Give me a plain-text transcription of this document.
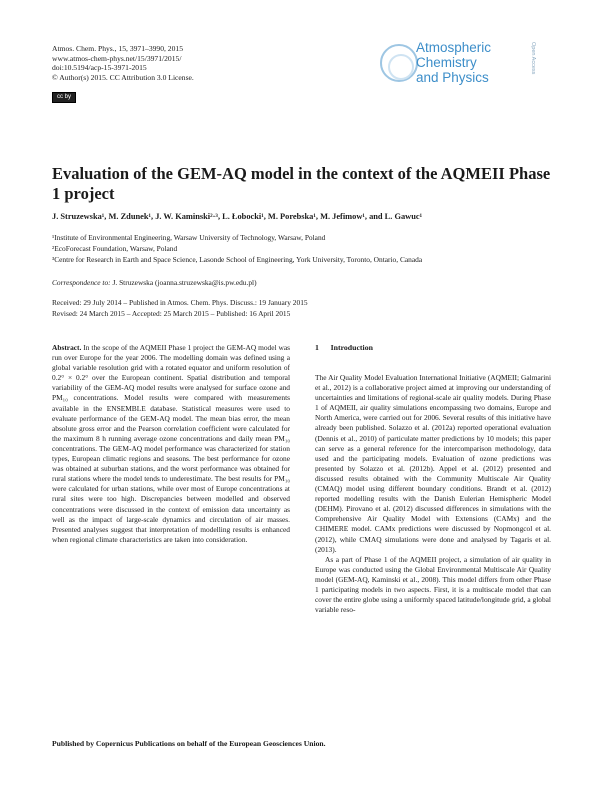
Atmos. Chem. Phys., 15, 3971–3990, 2015
www.atmos-chem-phys.net/15/3971/2015/
doi:10.5194/acp-15-3971-2015
© Author(s) 2015. CC Attribution 3.0 License.
cc by
Atmospheric
Chemistry
and Physics
Open Access
Evaluation of the GEM-AQ model in the context of the AQMEII Phase 1 project
J. Struzewska¹, M. Zdunek¹, J. W. Kaminski²·³, L. Łobocki¹, M. Porebska¹, M. Jefimow¹, and L. Gawuc¹
¹Institute of Environmental Engineering, Warsaw University of Technology, Warsaw, Poland
²EcoForecast Foundation, Warsaw, Poland
³Centre for Research in Earth and Space Science, Lasonde School of Engineering, York University, Toronto, Ontario, Canada
Correspondence to: J. Struzewska (joanna.struzewska@is.pw.edu.pl)
Received: 29 July 2014 – Published in Atmos. Chem. Phys. Discuss.: 19 January 2015
Revised: 24 March 2015 – Accepted: 25 March 2015 – Published: 16 April 2015
Abstract. In the scope of the AQMEII Phase 1 project the GEM-AQ model was run over Europe for the year 2006. The modelling domain was defined using a global variable resolution grid with a rotated equator and uniform resolution of 0.2° × 0.2° over the European continent. Spatial distribution and temporal variability of the GEM-AQ model results were analysed for surface ozone and PM₁₀ concentrations. Model results were compared with measurements available in the ENSEMBLE database. Statistical measures were used to evaluate performance of the GEM-AQ model. The mean bias error, the mean absolute gross error and the Pearson correlation coefficient were calculated for the maximum 8 h running average ozone concentrations and daily mean PM₁₀ concentrations. The GEM-AQ model performance was characterized for station types, European climatic regions and seasons. The best performance for ozone was obtained at suburban stations, and the worst performance was obtained for rural stations where the model tends to underestimate. The best results for PM₁₀ were calculated for urban stations, while over most of Europe concentrations at rural sites were too high. Discrepancies between modelled and observed concentrations were discussed in the context of emission data uncertainty as well as the impact of large-scale dynamics and circulation of air masses. Presented analyses suggest that interpretation of modelling results is enhanced when regional climate characteristics are taken into consideration.
1 Introduction

The Air Quality Model Evaluation International Initiative (AQMEII; Galmarini et al., 2012) is a collaborative project aimed at improving our understanding of uncertainties and limitations of regional-scale air quality models. During Phase 1 of AQMEII, air quality simulations encompassing two domains, Europe and North America, were carried out for 2006. Several results of this initiative have already been published. Solazzo et al. (2012a) reported operational evaluation (Dennis et al., 2010) of particulate matter predictions by 10 models; this paper can serve as a general reference for the intercomparison methodology, data used and the participating models. Evaluation of ozone predictions was presented by Solazzo et al. (2012b). Appel et al. (2012) presented and discussed results obtained with the Community Multiscale Air Quality (CMAQ) model using different boundary conditions. Brandt et al. (2012) reported modelling results with the Danish Eulerian Hemispheric Model (DEHM). Pirovano et al. (2012) discussed differences in simulations with the Comprehensive Air Quality Model with Extensions (CAMx) and the CHIMERE model. CAMx predictions were discussed by Nopmongcol et al. (2012), while CMAQ simulations were done and analysed by Tagaris et al. (2013).

As a part of Phase 1 of the AQMEII project, a simulation of air quality in Europe was conducted using the Global Environmental Multiscale Air Quality model (GEM-AQ, Kaminski et al., 2008). This model differs from other Phase 1 participating models in two aspects. First, it is a multiscale model that can cover the entire globe using a uniformly spaced latitude/longitude grid, a global variable reso-

Published by Copernicus Publications on behalf of the European Geosciences Union.
